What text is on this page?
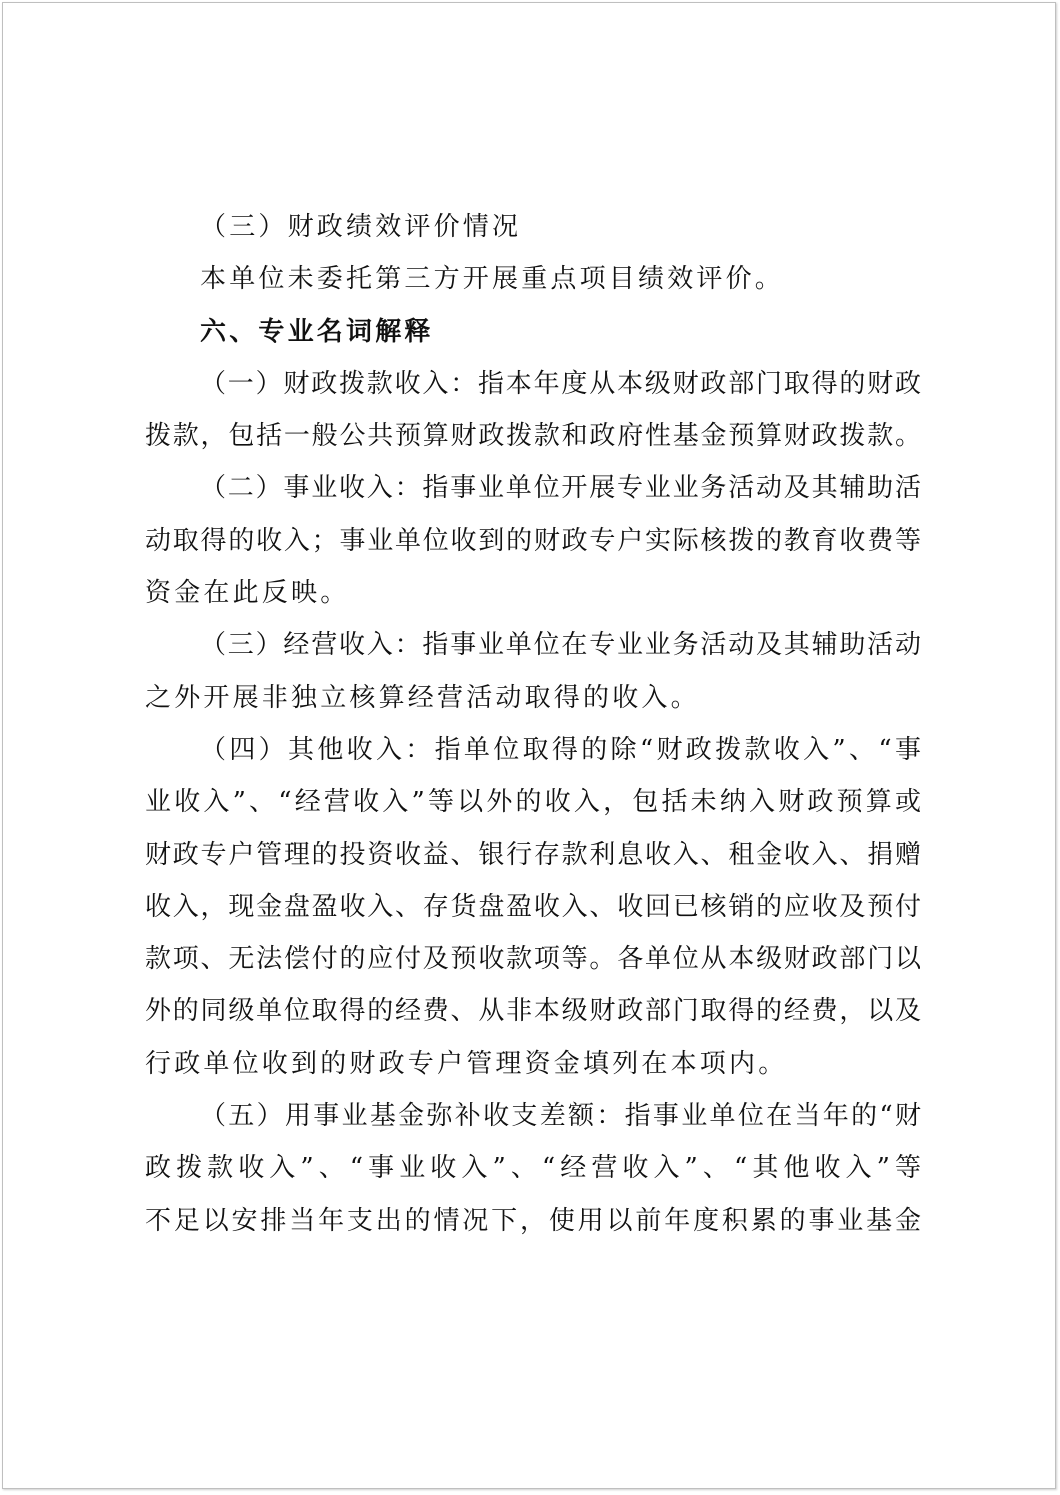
（三）财政绩效评价情况
本单位未委托第三方开展重点项目绩效评价。
六、专业名词解释
（一）财政拨款收入：指本年度从本级财政部门取得的财政
拨款，包括一般公共预算财政拨款和政府性基金预算财政拨款。
（二）事业收入：指事业单位开展专业业务活动及其辅助活
动取得的收入；事业单位收到的财政专户实际核拨的教育收费等
资金在此反映。
（三）经营收入：指事业单位在专业业务活动及其辅助活动
之外开展非独立核算经营活动取得的收入。
（四）其他收入：指单位取得的除“财政拨款收入”、“事
业收入”、“经营收入”等以外的收入，包括未纳入财政预算或
财政专户管理的投资收益、银行存款利息收入、租金收入、捐赠
收入，现金盘盈收入、存货盘盈收入、收回已核销的应收及预付
款项、无法偿付的应付及预收款项等。各单位从本级财政部门以
外的同级单位取得的经费、从非本级财政部门取得的经费，以及
行政单位收到的财政专户管理资金填列在本项内。
（五）用事业基金弥补收支差额：指事业单位在当年的“财
政拨款收入”、“事业收入”、“经营收入”、“其他收入”等
不足以安排当年支出的情况下，使用以前年度积累的事业基金
